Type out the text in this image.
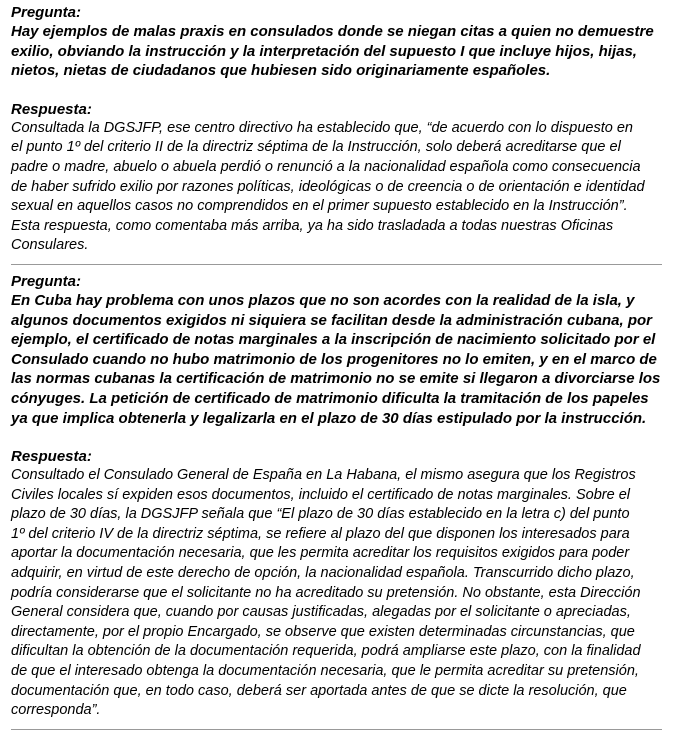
Pregunta:

Hay ejemplos de malas praxis en consulados donde se niegan citas a quien no demuestre

exilio, obviando la instrucción y la interpretación del supuesto I que incluye hijos, hijas,

nietos, nietas de ciudadanos que hubiesen sido originariamente españoles.

Respuesta:

Consultada la DGSJFP, ese centro directivo ha establecido que, “de acuerdo con lo dispuesto en

el punto 1º del criterio II de la directriz séptima de la Instrucción, solo deberá acreditarse que el

padre o madre, abuelo o abuela perdió o renunció a la nacionalidad española como consecuencia

de haber sufrido exilio por razones políticas, ideológicas o de creencia o de orientación e identidad

sexual en aquellos casos no comprendidos en el primer supuesto establecido en la Instrucción”.

Esta respuesta, como comentaba más arriba, ya ha sido trasladada a todas nuestras Oficinas

Consulares.

Pregunta:

En Cuba hay problema con unos plazos que no son acordes con la realidad de la isla, y

algunos documentos exigidos ni siquiera se facilitan desde la administración cubana, por

ejemplo, el certificado de notas marginales a la inscripción de nacimiento solicitado por el

Consulado cuando no hubo matrimonio de los progenitores no lo emiten, y en el marco de

las normas cubanas la certificación de matrimonio no se emite si llegaron a divorciarse los

cónyuges. La petición de certificado de matrimonio dificulta la tramitación de los papeles

ya que implica obtenerla y legalizarla en el plazo de 30 días estipulado por la instrucción.

Respuesta:

Consultado el Consulado General de España en La Habana, el mismo asegura que los Registros

Civiles locales sí expiden esos documentos, incluido el certificado de notas marginales. Sobre el

plazo de 30 días, la DGSJFP señala que “El plazo de 30 días establecido en la letra c) del punto

1º del criterio IV de la directriz séptima, se refiere al plazo del que disponen los interesados para

aportar la documentación necesaria, que les permita acreditar los requisitos exigidos para poder

adquirir, en virtud de este derecho de opción, la nacionalidad española. Transcurrido dicho plazo,

podría considerarse que el solicitante no ha acreditado su pretensión. No obstante, esta Dirección

General considera que, cuando por causas justificadas, alegadas por el solicitante o apreciadas,

directamente, por el propio Encargado, se observe que existen determinadas circunstancias, que

dificultan la obtención de la documentación requerida, podrá ampliarse este plazo, con la finalidad

de que el interesado obtenga la documentación necesaria, que le permita acreditar su pretensión,

documentación que, en todo caso, deberá ser aportada antes de que se dicte la resolución, que

corresponda”.
